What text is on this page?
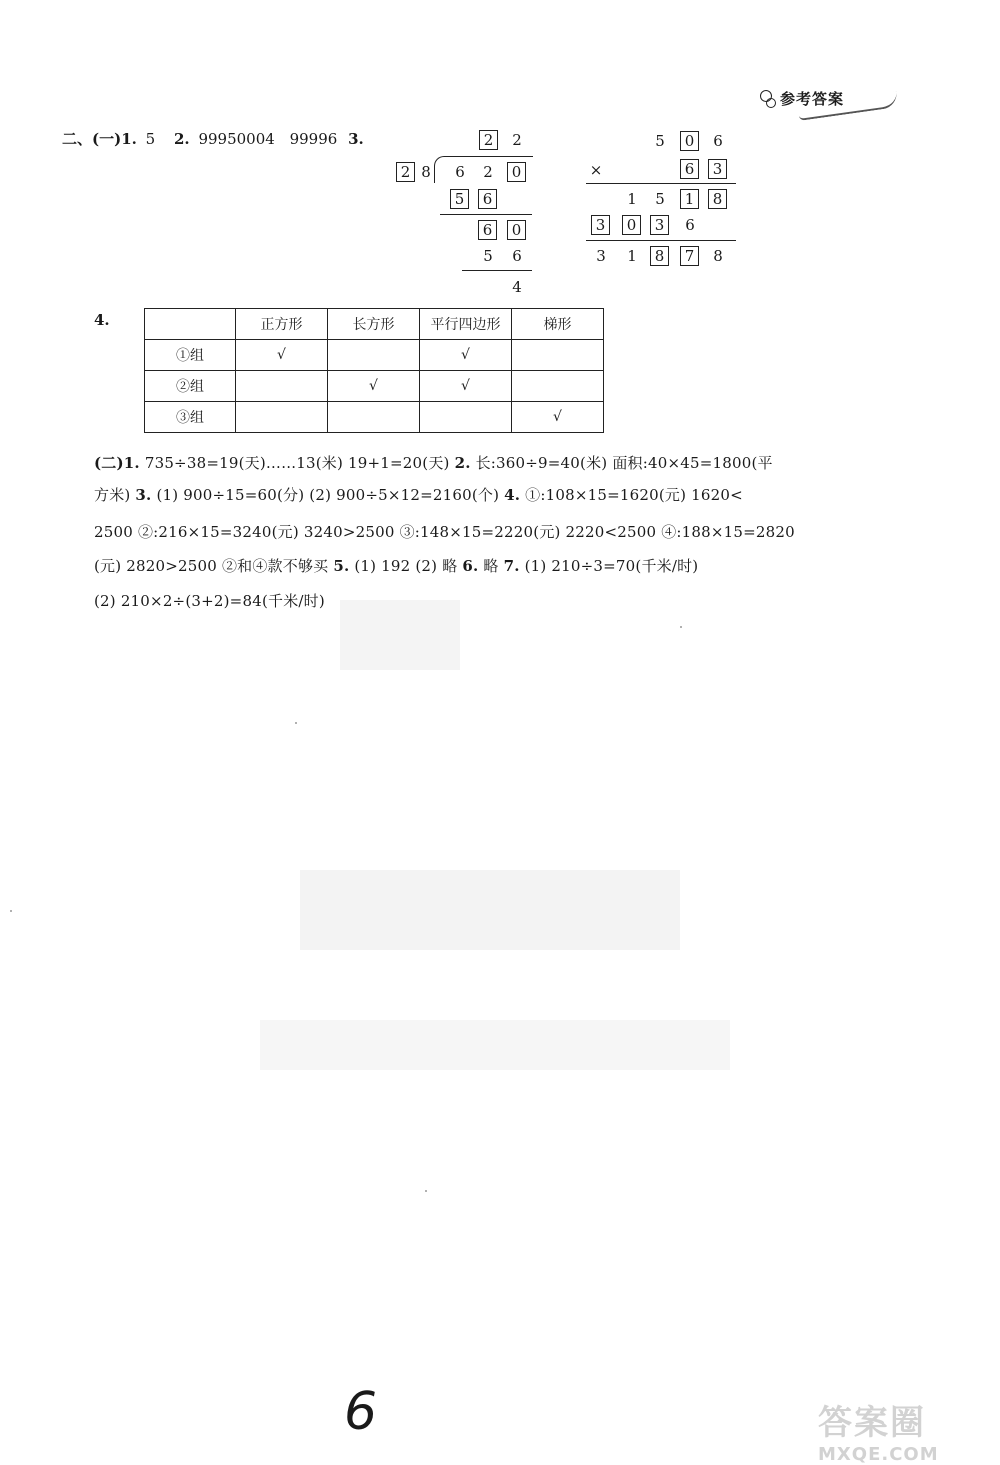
参考答案
二、(一)1. 5 2. 99950004 99996 3.	2	2
2 8	6	2	0
5	6
6	0
5	6
4
5	0	6
×	6	3
1	5	1	8
3	0	3	6
3	1	8	7	8
4.
		正方形	长方形	平行四边形	梯形
①组	√		√	
②组		√	√	
③组				√
(二)1. 735÷38=19(天)……13(米) 19+1=20(天) 2. 长:360÷9=40(米) 面积:40×45=1800(平
方米) 3. (1) 900÷15=60(分) (2) 900÷5×12=2160(个) 4. ①:108×15=1620(元) 1620<
2500 ②:216×15=3240(元) 3240>2500 ③:148×15=2220(元) 2220<2500 ④:188×15=2820
(元) 2820>2500 ②和④款不够买 5. (1) 192 (2) 略 6. 略 7. (1) 210÷3=70(千米/时)
(2) 210×2÷(3+2)=84(千米/时)
6	答案圈
MXQE.COM
